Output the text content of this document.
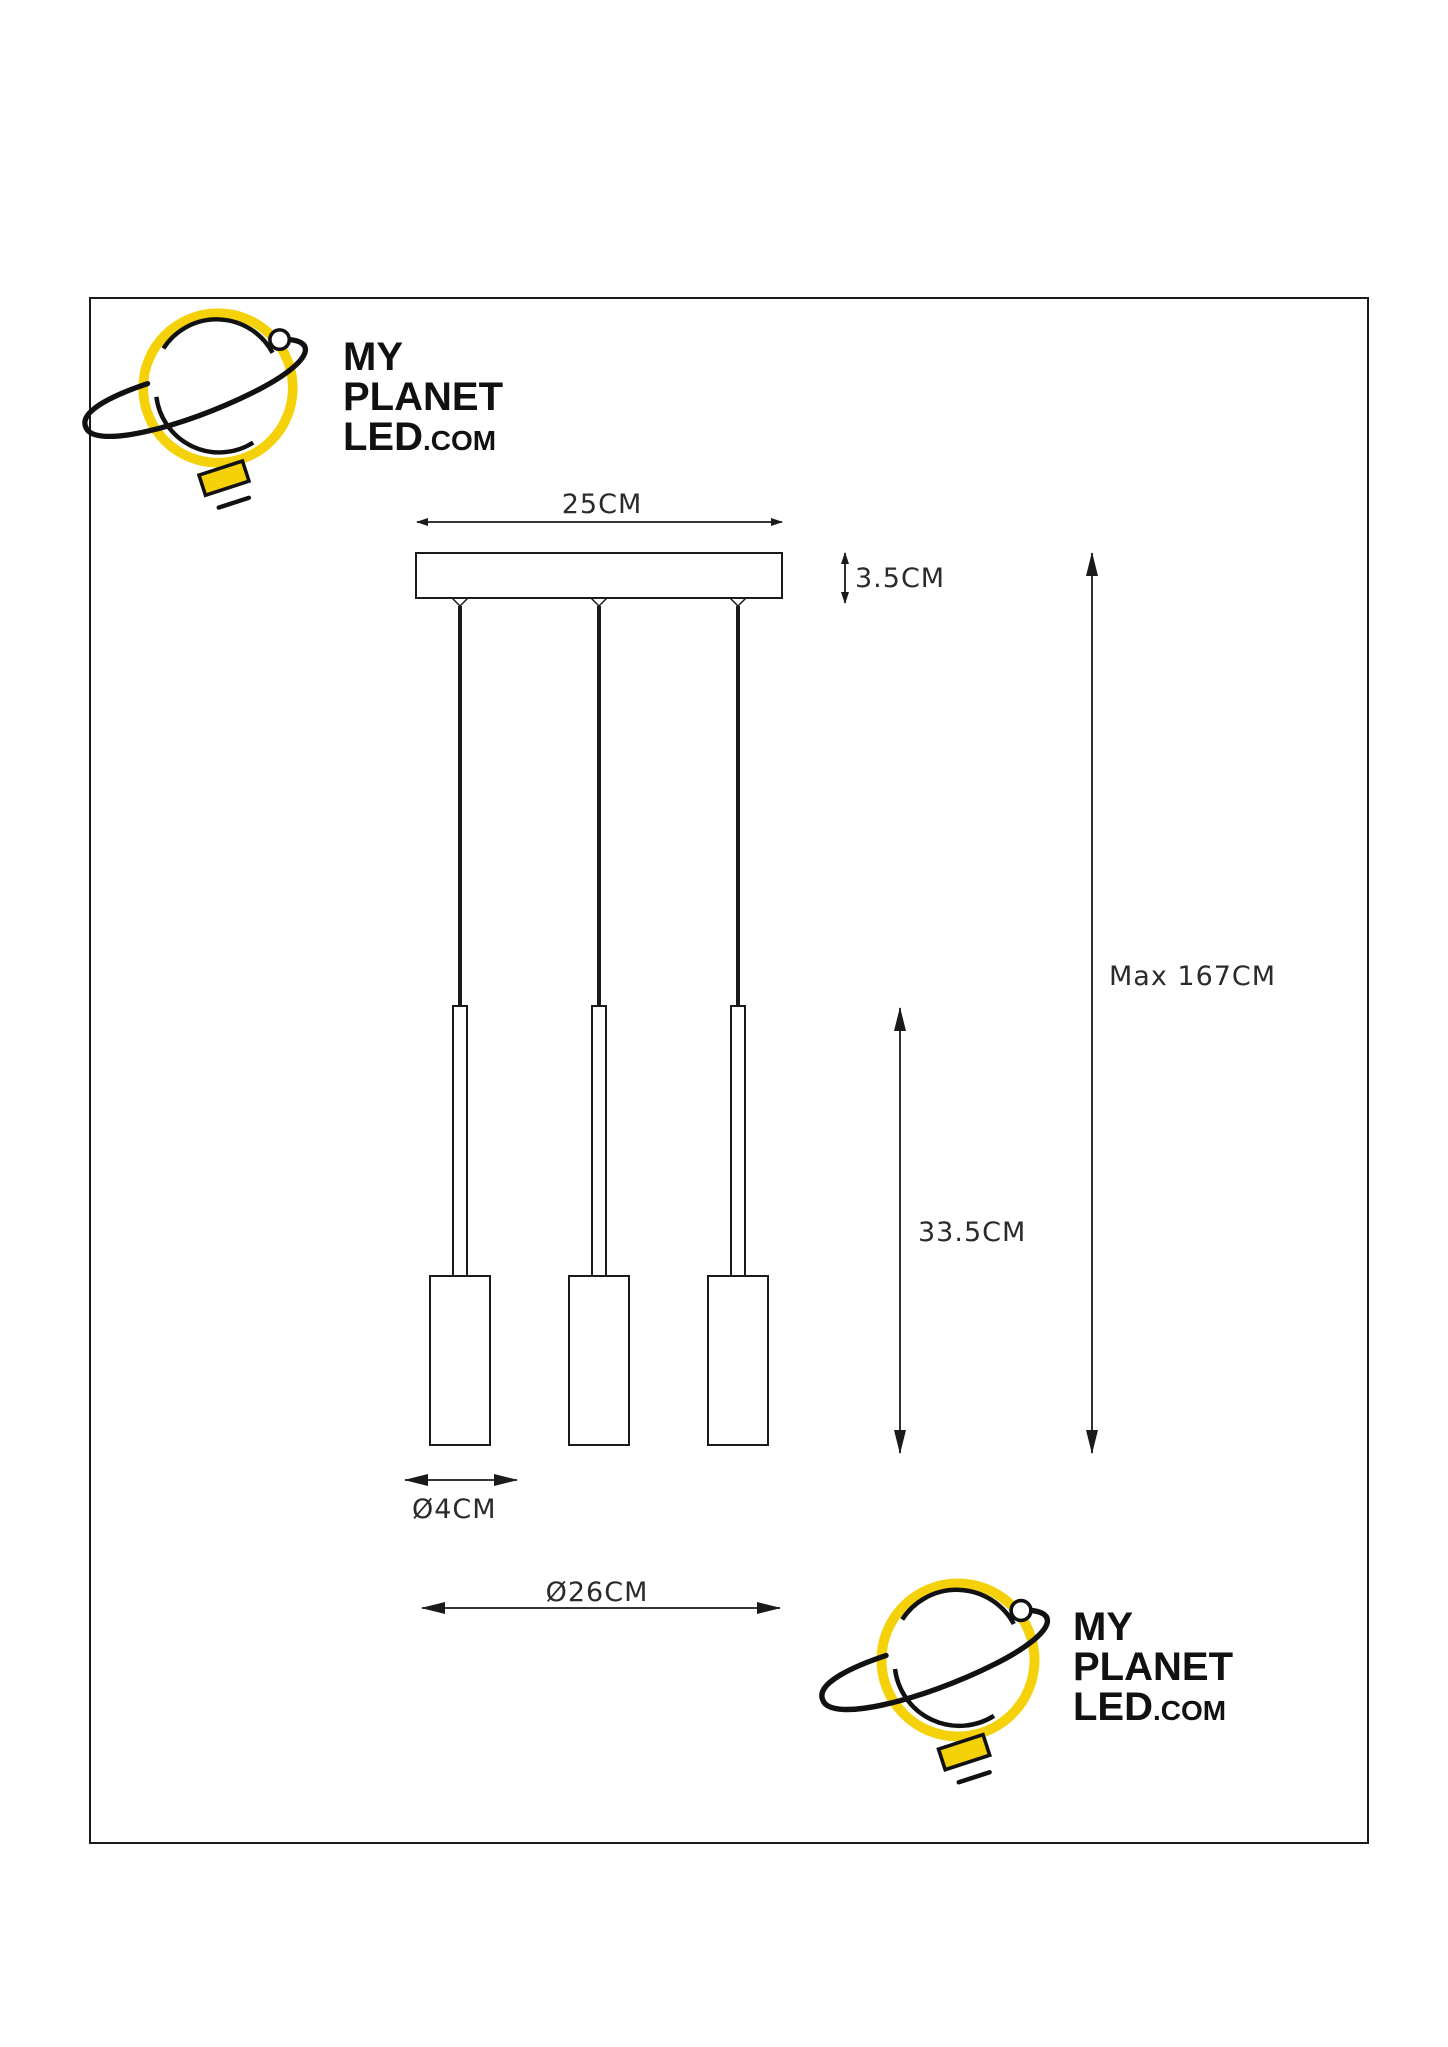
MY
PLANET
LED.COM
MY
PLANET
LED.COM
25CM
3.5CM
Max 167CM
33.5CM
Ø4CM
Ø26CM
